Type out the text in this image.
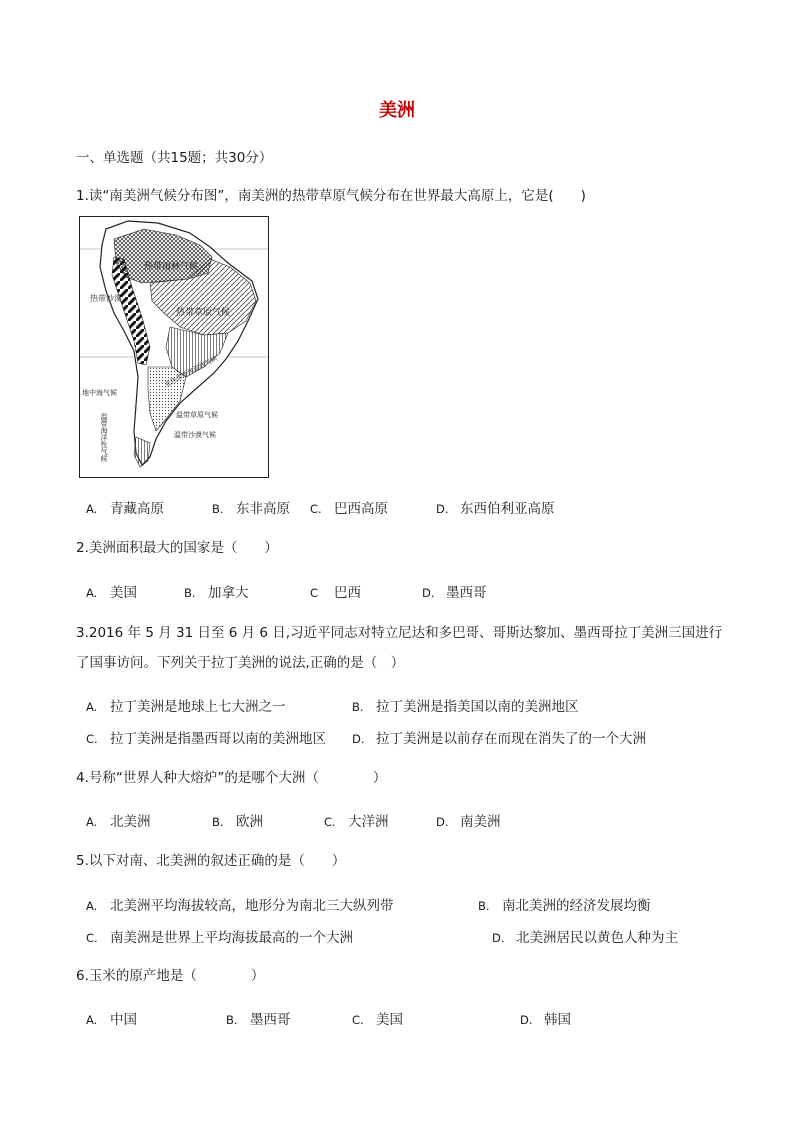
美洲
一、单选题（共15题；共30分）
1.读“南美洲气候分布图”，南美洲的热带草原气候分布在世界最大高原上，它是(　　)
热带雨林气候
热带草原气候
热带沙漠
地中海气候
温带草原气候
温带沙漠气候
亚热带季风湿润气候
温带海洋性气候
A. 青藏高原	B. 东非高原 C. 巴西高原	D. 东西伯利亚高原
2.美洲面积最大的国家是（　　）
A. 美国	B. 加拿大	C 巴西	D. 墨西哥
3.2016 年 5 月 31 日至 6 月 6 日,习近平同志对特立尼达和多巴哥、哥斯达黎加、墨西哥拉丁美洲三国进行了国事访问。下列关于拉丁美洲的说法,正确的是（　）
A. 拉丁美洲是地球上七大洲之一	B. 拉丁美洲是指美国以南的美洲地区
C. 拉丁美洲是指墨西哥以南的美洲地区 D. 拉丁美洲是以前存在而现在消失了的一个大洲
4.号称“世界人种大熔炉”的是哪个大洲（　　　　）
A. 北美洲	B. 欧洲	C. 大洋洲	D. 南美洲
5.以下对南、北美洲的叙述正确的是（　　）
A. 北美洲平均海拔较高，地形分为南北三大纵列带	B. 南北美洲的经济发展均衡
C. 南美洲是世界上平均海拔最高的一个大洲	D. 北美洲居民以黄色人种为主
6.玉米的原产地是（　　　　）
A. 中国	B. 墨西哥	C. 美国	D. 韩国
